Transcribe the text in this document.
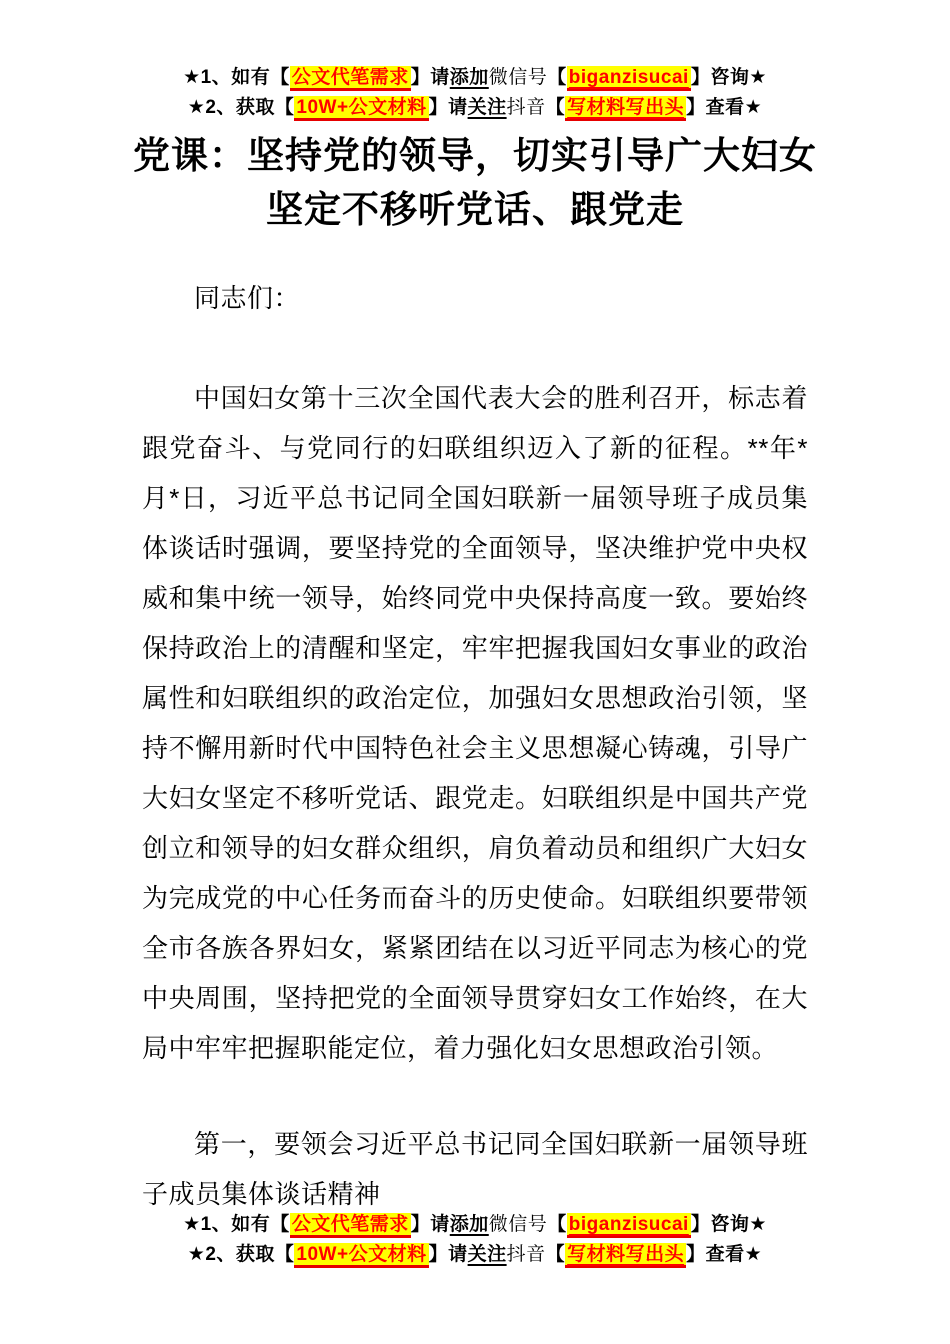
★1、如有【 公文代笔需求 】请添加微信号【 biganzisucai 】咨询★
★2、获取【 10W+公文材料 】请关注抖音【 写材料写出头 】查看★
党课：坚持党的领导，切实引导广大妇女
坚定不移听党话、跟党走

同志们：

中国妇女第十三次全国代表大会的胜利召开，标志着跟党奋斗、与党同行的妇联组织迈入了新的征程。**年*月*日，习近平总书记同全国妇联新一届领导班子成员集体谈话时强调，要坚持党的全面领导，坚决维护党中央权威和集中统一领导，始终同党中央保持高度一致。要始终保持政治上的清醒和坚定，牢牢把握我国妇女事业的政治属性和妇联组织的政治定位，加强妇女思想政治引领，坚持不懈用新时代中国特色社会主义思想凝心铸魂，引导广大妇女坚定不移听党话、跟党走。妇联组织是中国共产党创立和领导的妇女群众组织，肩负着动员和组织广大妇女为完成党的中心任务而奋斗的历史使命。妇联组织要带领全市各族各界妇女，紧紧团结在以习近平同志为核心的党中央周围，坚持把党的全面领导贯穿妇女工作始终，在大局中牢牢把握职能定位，着力强化妇女思想政治引领。

第一，要领会习近平总书记同全国妇联新一届领导班子成员集体谈话精神

★1、如有【 公文代笔需求 】请添加微信号【 biganzisucai 】咨询★
★2、获取【 10W+公文材料 】请关注抖音【 写材料写出头 】查看★
